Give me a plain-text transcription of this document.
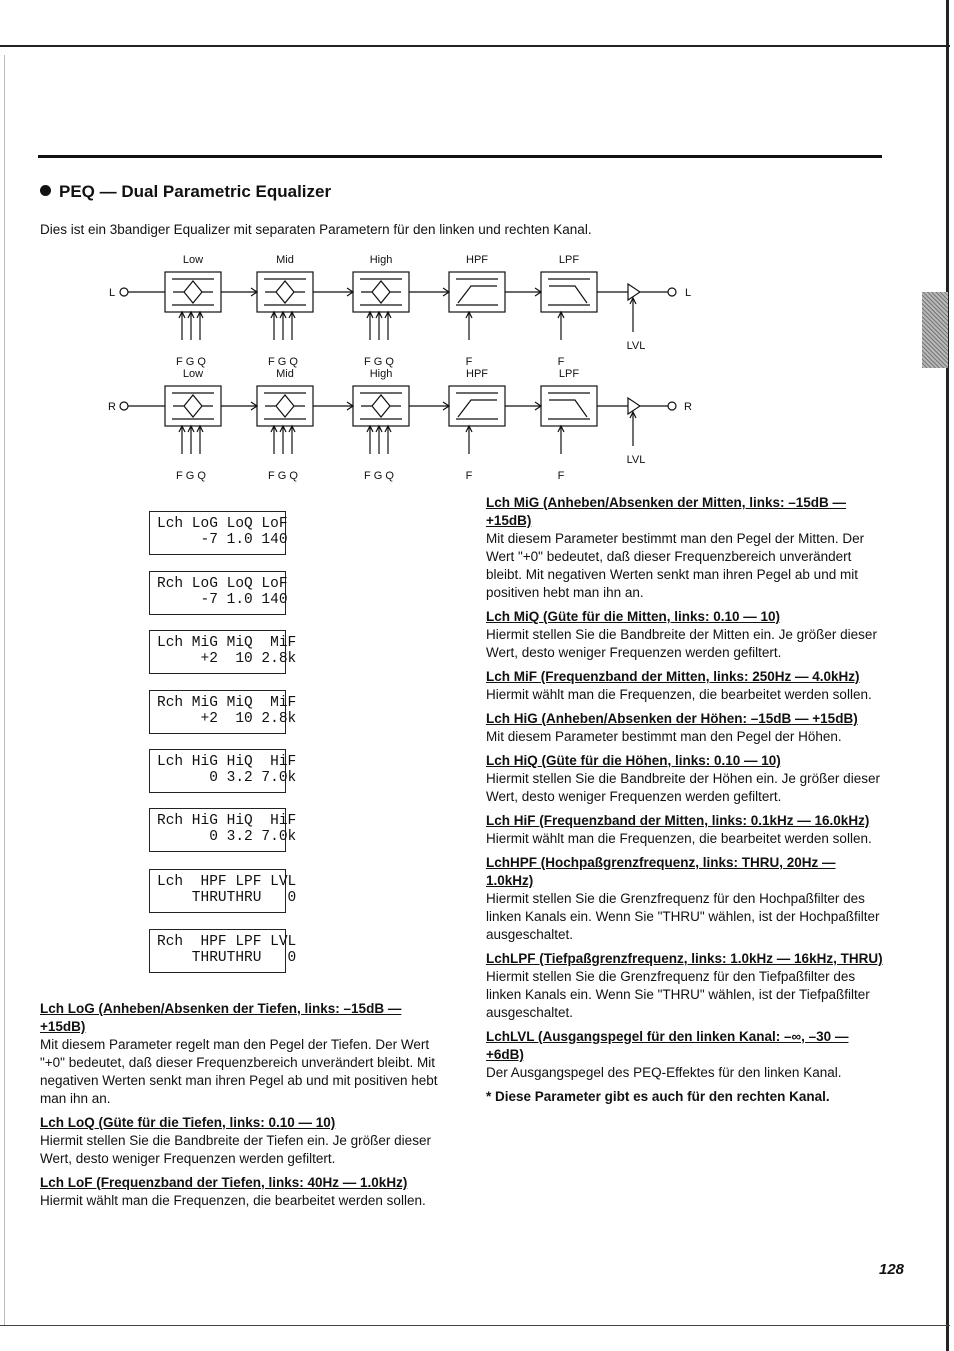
PEQ — Dual Parametric Equalizer
Dies ist ein 3bandiger Equalizer mit separaten Parametern für den linken und rechten Kanal.
L
Low
F G Q
Mid
F G Q
High
F G Q
HPF
F
LPF
F
L
LVL
R
Low
F G Q
Mid
F G Q
High
F G Q
HPF
F
LPF
F
R
LVL
Lch LoG LoQ LoF
-7 1.0 140
Rch LoG LoQ LoF
-7 1.0 140
Lch MiG MiQ  MiF
+2  10 2.8k
Rch MiG MiQ  MiF
+2  10 2.8k
Lch HiG HiQ  HiF
0 3.2 7.0k
Rch HiG HiQ  HiF
0 3.2 7.0k
Lch  HPF LPF LVL
THRUTHRU   0
Rch  HPF LPF LVL
THRUTHRU   0
Lch LoG (Anheben/Absenken der Tiefen, links: –15dB — +15dB)
Mit diesem Parameter regelt man den Pegel der Tiefen. Der Wert "+0" bedeutet, daß dieser Frequenzbereich unverändert bleibt. Mit negativen Werten senkt man ihren Pegel ab und mit positiven hebt man ihn an.
Lch LoQ (Güte für die Tiefen, links: 0.10 — 10)
Hiermit stellen Sie die Bandbreite der Tiefen ein. Je größer dieser Wert, desto weniger Frequenzen werden gefiltert.
Lch LoF (Frequenzband der Tiefen, links: 40Hz — 1.0kHz)
Hiermit wählt man die Frequenzen, die bearbeitet werden sollen.
Lch MiG (Anheben/Absenken der Mitten, links: –15dB — +15dB)
Mit diesem Parameter bestimmt man den Pegel der Mitten. Der Wert "+0" bedeutet, daß dieser Frequenzbereich unverändert bleibt. Mit negativen Werten senkt man ihren Pegel ab und mit positiven hebt man ihn an.
Lch MiQ (Güte für die Mitten, links: 0.10 — 10)
Hiermit stellen Sie die Bandbreite der Mitten ein. Je größer dieser Wert, desto weniger Frequenzen werden gefiltert.
Lch MiF (Frequenzband der Mitten, links: 250Hz — 4.0kHz)
Hiermit wählt man die Frequenzen, die bearbeitet werden sollen.
Lch HiG (Anheben/Absenken der Höhen: –15dB — +15dB)
Mit diesem Parameter bestimmt man den Pegel der Höhen.
Lch HiQ (Güte für die Höhen, links: 0.10 — 10)
Hiermit stellen Sie die Bandbreite der Höhen ein. Je größer dieser Wert, desto weniger Frequenzen werden gefiltert.
Lch HiF (Frequenzband der Mitten, links: 0.1kHz — 16.0kHz)
Hiermit wählt man die Frequenzen, die bearbeitet werden sollen.
LchHPF (Hochpaßgrenzfrequenz, links: THRU, 20Hz — 1.0kHz)
Hiermit stellen Sie die Grenzfrequenz für den Hochpaßfilter des linken Kanals ein. Wenn Sie "THRU" wählen, ist der Hochpaßfilter ausgeschaltet.
LchLPF (Tiefpaßgrenzfrequenz, links: 1.0kHz — 16kHz, THRU)
Hiermit stellen Sie die Grenzfrequenz für den Tiefpaßfilter des linken Kanals ein. Wenn Sie "THRU" wählen, ist der Tiefpaßfilter ausgeschaltet.
LchLVL (Ausgangspegel für den linken Kanal: –∞, –30 — +6dB)
Der Ausgangspegel des PEQ-Effektes für den linken Kanal.
* Diese Parameter gibt es auch für den rechten Kanal.
128
